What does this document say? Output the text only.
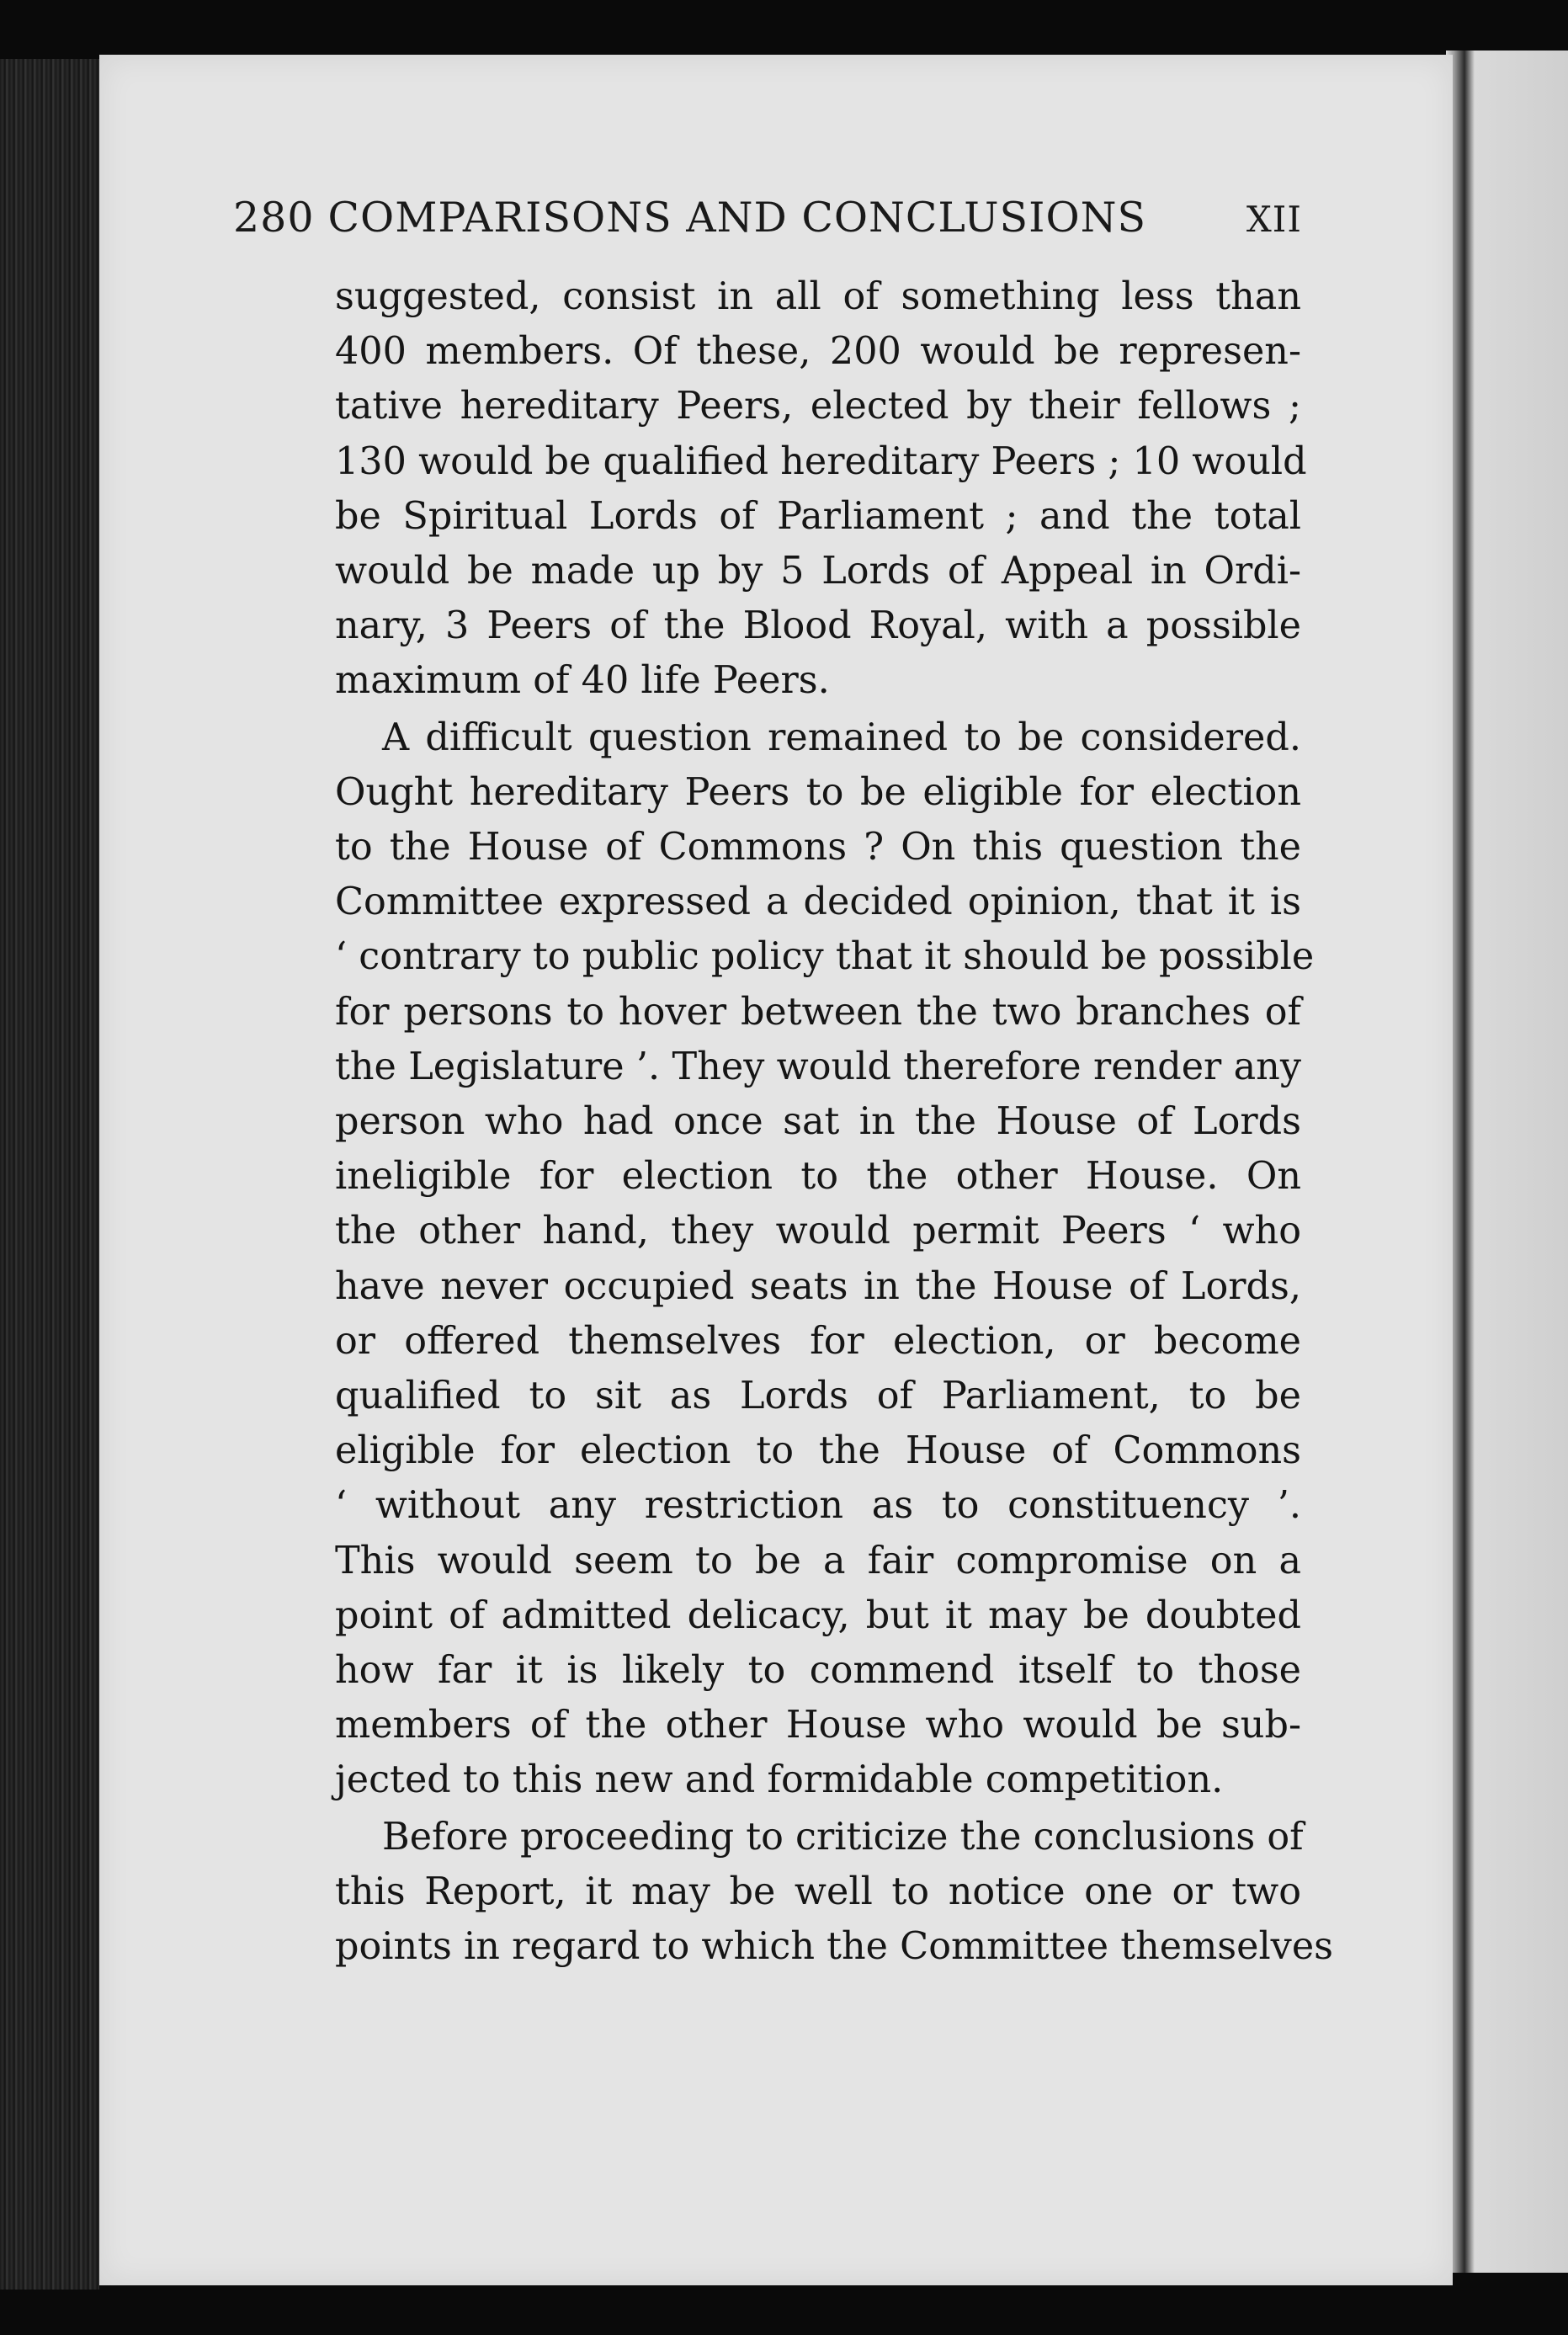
280 COMPARISONS AND CONCLUSIONS	XII
suggested, consist in all of something less than
400 members. Of these, 200 would be represen-
tative hereditary Peers, elected by their fellows ;
130 would be qualified hereditary Peers ; 10 would
be Spiritual Lords of Parliament ; and the total
would be made up by 5 Lords of Appeal in Ordi-
nary, 3 Peers of the Blood Royal, with a possible
maximum of 40 life Peers.
A difficult question remained to be considered.
Ought hereditary Peers to be eligible for election
to the House of Commons ? On this question the
Committee expressed a decided opinion, that it is
‘ contrary to public policy that it should be possible
for persons to hover between the two branches of
the Legislature ’. They would therefore render any
person who had once sat in the House of Lords
ineligible for election to the other House. On
the other hand, they would permit Peers ‘ who
have never occupied seats in the House of Lords,
or offered themselves for election, or become
qualified to sit as Lords of Parliament, to be
eligible for election to the House of Commons
‘ without any restriction as to constituency ’.
This would seem to be a fair compromise on a
point of admitted delicacy, but it may be doubted
how far it is likely to commend itself to those
members of the other House who would be sub-
jected to this new and formidable competition.
Before proceeding to criticize the conclusions of
this Report, it may be well to notice one or two
points in regard to which the Committee themselves
